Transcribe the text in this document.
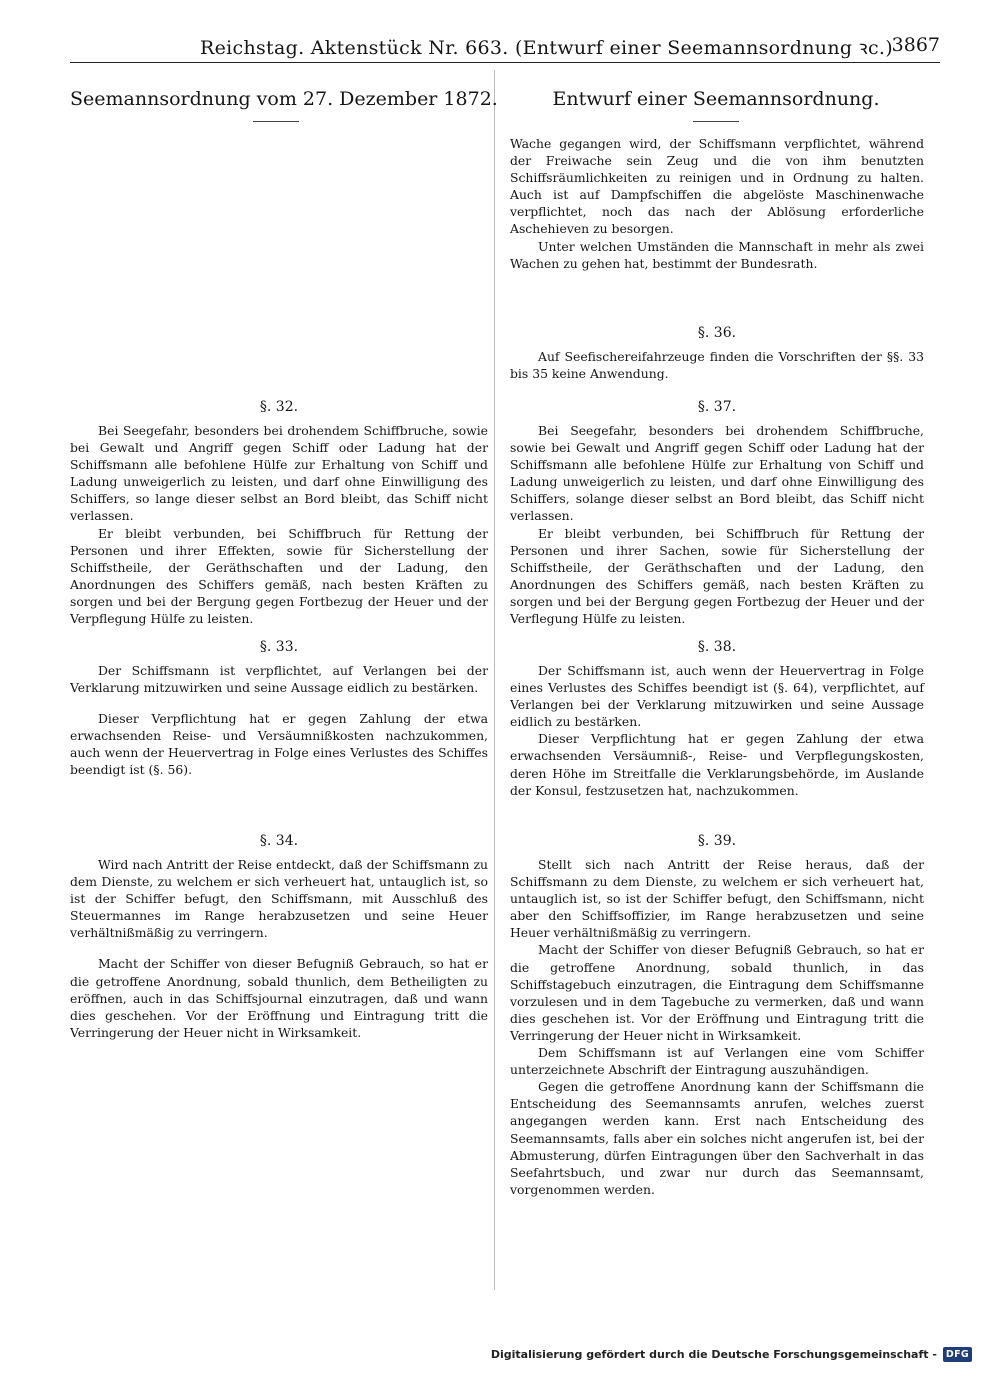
Reichstag. Aktenstück Nr. 663. (Entwurf einer Seemannsordnung ꝛc.)
3867
Seemannsordnung vom 27. Dezember 1872.	Entwurf einer Seemannsordnung.
§. 32.

Bei Seegefahr, besonders bei drohendem Schiffbruche, sowie bei Gewalt und Angriff gegen Schiff oder Ladung hat der Schiffsmann alle befohlene Hülfe zur Erhaltung von Schiff und Ladung unweigerlich zu leisten, und darf ohne Einwilligung des Schiffers, so lange dieser selbst an Bord bleibt, das Schiff nicht verlassen.

Er bleibt verbunden, bei Schiffbruch für Rettung der Personen und ihrer Effekten, sowie für Sicherstellung der Schiffstheile, der Geräthschaften und der Ladung, den Anordnungen des Schiffers gemäß, nach besten Kräften zu sorgen und bei der Bergung gegen Fortbezug der Heuer und der Verpflegung Hülfe zu leisten.

§. 33.

Der Schiffsmann ist verpflichtet, auf Verlangen bei der Verklarung mitzuwirken und seine Aussage eidlich zu bestärken.

Dieser Verpflichtung hat er gegen Zahlung der etwa erwachsenden Reise- und Versäumnißkosten nachzukommen, auch wenn der Heuervertrag in Folge eines Verlustes des Schiffes beendigt ist (§. 56).

§. 34.

Wird nach Antritt der Reise entdeckt, daß der Schiffsmann zu dem Dienste, zu welchem er sich verheuert hat, untauglich ist, so ist der Schiffer befugt, den Schiffsmann, mit Ausschluß des Steuermannes im Range herabzusetzen und seine Heuer verhältnißmäßig zu verringern.

Macht der Schiffer von dieser Befugniß Gebrauch, so hat er die getroffene Anordnung, sobald thunlich, dem Betheiligten zu eröffnen, auch in das Schiffsjournal einzutragen, daß und wann dies geschehen. Vor der Eröffnung und Eintragung tritt die Verringerung der Heuer nicht in Wirksamkeit.

Wache gegangen wird, der Schiffsmann verpflichtet, während der Freiwache sein Zeug und die von ihm benutzten Schiffsräumlichkeiten zu reinigen und in Ordnung zu halten. Auch ist auf Dampfschiffen die abgelöste Maschinenwache verpflichtet, noch das nach der Ablösung erforderliche Aschehieven zu besorgen.

Unter welchen Umständen die Mannschaft in mehr als zwei Wachen zu gehen hat, bestimmt der Bundesrath.

§. 36.

Auf Seefischereifahrzeuge finden die Vorschriften der §§. 33 bis 35 keine Anwendung.

§. 37.

Bei Seegefahr, besonders bei drohendem Schiffbruche, sowie bei Gewalt und Angriff gegen Schiff oder Ladung hat der Schiffsmann alle befohlene Hülfe zur Erhaltung von Schiff und Ladung unweigerlich zu leisten, und darf ohne Einwilligung des Schiffers, solange dieser selbst an Bord bleibt, das Schiff nicht verlassen.

Er bleibt verbunden, bei Schiffbruch für Rettung der Personen und ihrer Sachen, sowie für Sicherstellung der Schiffstheile, der Geräthschaften und der Ladung, den Anordnungen des Schiffers gemäß, nach besten Kräften zu sorgen und bei der Bergung gegen Fortbezug der Heuer und der Verflegung Hülfe zu leisten.

§. 38.

Der Schiffsmann ist, auch wenn der Heuervertrag in Folge eines Verlustes des Schiffes beendigt ist (§. 64), verpflichtet, auf Verlangen bei der Verklarung mitzuwirken und seine Aussage eidlich zu bestärken.

Dieser Verpflichtung hat er gegen Zahlung der etwa erwachsenden Versäumniß-, Reise- und Verpflegungskosten, deren Höhe im Streitfalle die Verklarungsbehörde, im Auslande der Konsul, festzusetzen hat, nachzukommen.

§. 39.

Stellt sich nach Antritt der Reise heraus, daß der Schiffsmann zu dem Dienste, zu welchem er sich verheuert hat, untauglich ist, so ist der Schiffer befugt, den Schiffsmann, nicht aber den Schiffsoffizier, im Range herabzusetzen und seine Heuer verhältnißmäßig zu verringern.

Macht der Schiffer von dieser Befugniß Gebrauch, so hat er die getroffene Anordnung, sobald thunlich, in das Schiffstagebuch einzutragen, die Eintragung dem Schiffsmanne vorzulesen und in dem Tagebuche zu vermerken, daß und wann dies geschehen ist. Vor der Eröffnung und Eintragung tritt die Verringerung der Heuer nicht in Wirksamkeit.

Dem Schiffsmann ist auf Verlangen eine vom Schiffer unterzeichnete Abschrift der Eintragung auszuhändigen.

Gegen die getroffene Anordnung kann der Schiffsmann die Entscheidung des Seemannsamts anrufen, welches zuerst angegangen werden kann. Erst nach Entscheidung des Seemannsamts, falls aber ein solches nicht angerufen ist, bei der Abmusterung, dürfen Eintragungen über den Sachverhalt in das Seefahrtsbuch, und zwar nur durch das Seemannsamt, vorgenommen werden.

Digitalisierung gefördert durch die Deutsche Forschungsgemeinschaft - DFG
